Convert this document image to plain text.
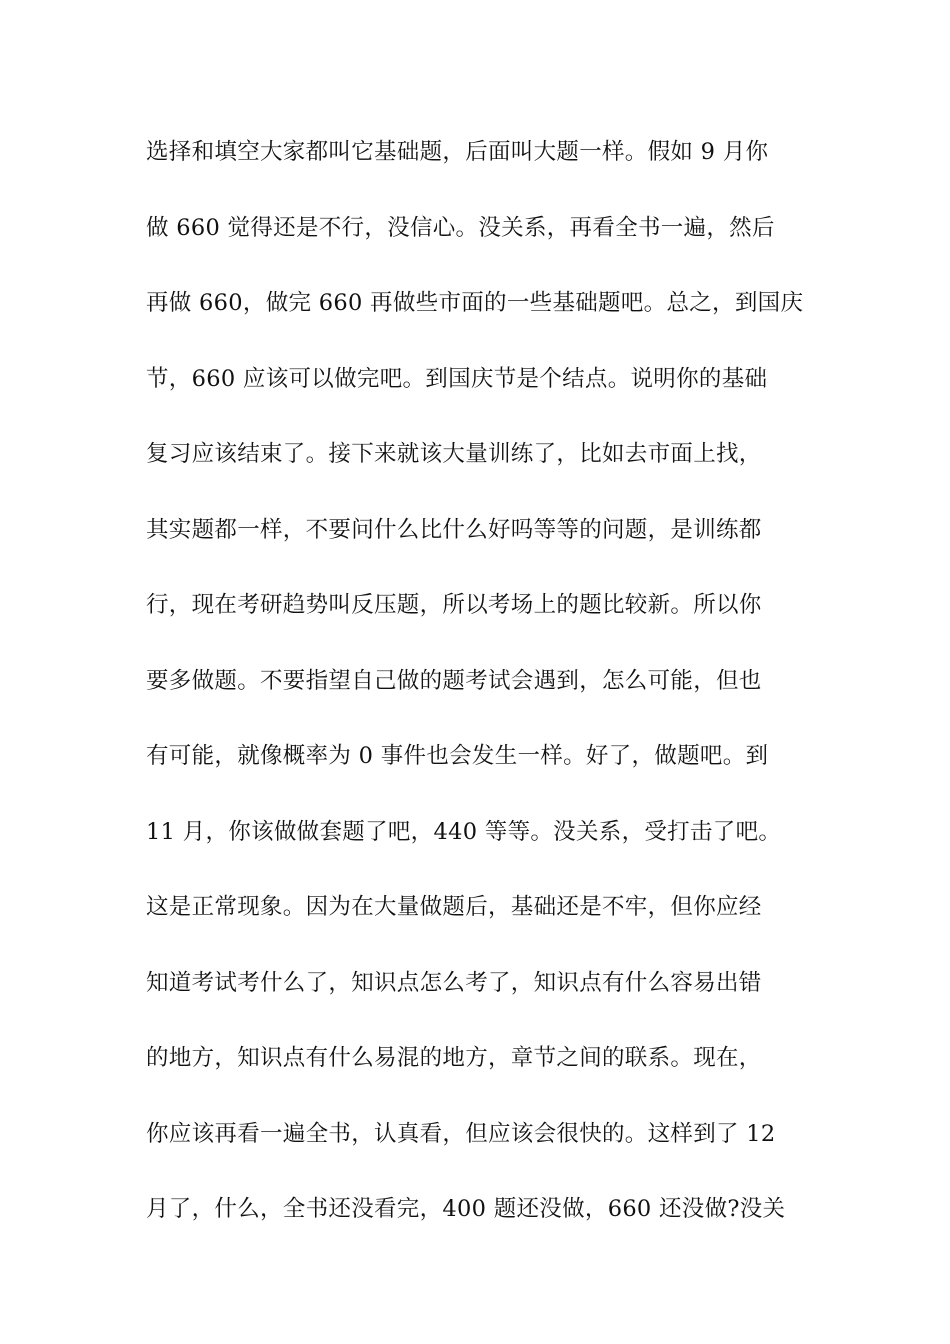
选择和填空大家都叫它基础题，后面叫大题一样。假如 9 月你
做 660 觉得还是不行，没信心。没关系，再看全书一遍，然后
再做 660，做完 660 再做些市面的一些基础题吧。总之，到国庆
节，660 应该可以做完吧。到国庆节是个结点。说明你的基础
复习应该结束了。接下来就该大量训练了，比如去市面上找，
其实题都一样，不要问什么比什么好吗等等的问题，是训练都
行，现在考研趋势叫反压题，所以考场上的题比较新。所以你
要多做题。不要指望自己做的题考试会遇到，怎么可能，但也
有可能，就像概率为 0 事件也会发生一样。好了，做题吧。到
11 月，你该做做套题了吧，440 等等。没关系，受打击了吧。
这是正常现象。因为在大量做题后，基础还是不牢，但你应经
知道考试考什么了，知识点怎么考了，知识点有什么容易出错
的地方，知识点有什么易混的地方，章节之间的联系。现在，
你应该再看一遍全书，认真看，但应该会很快的。这样到了 12
月了，什么，全书还没看完，400 题还没做，660 还没做?没关
